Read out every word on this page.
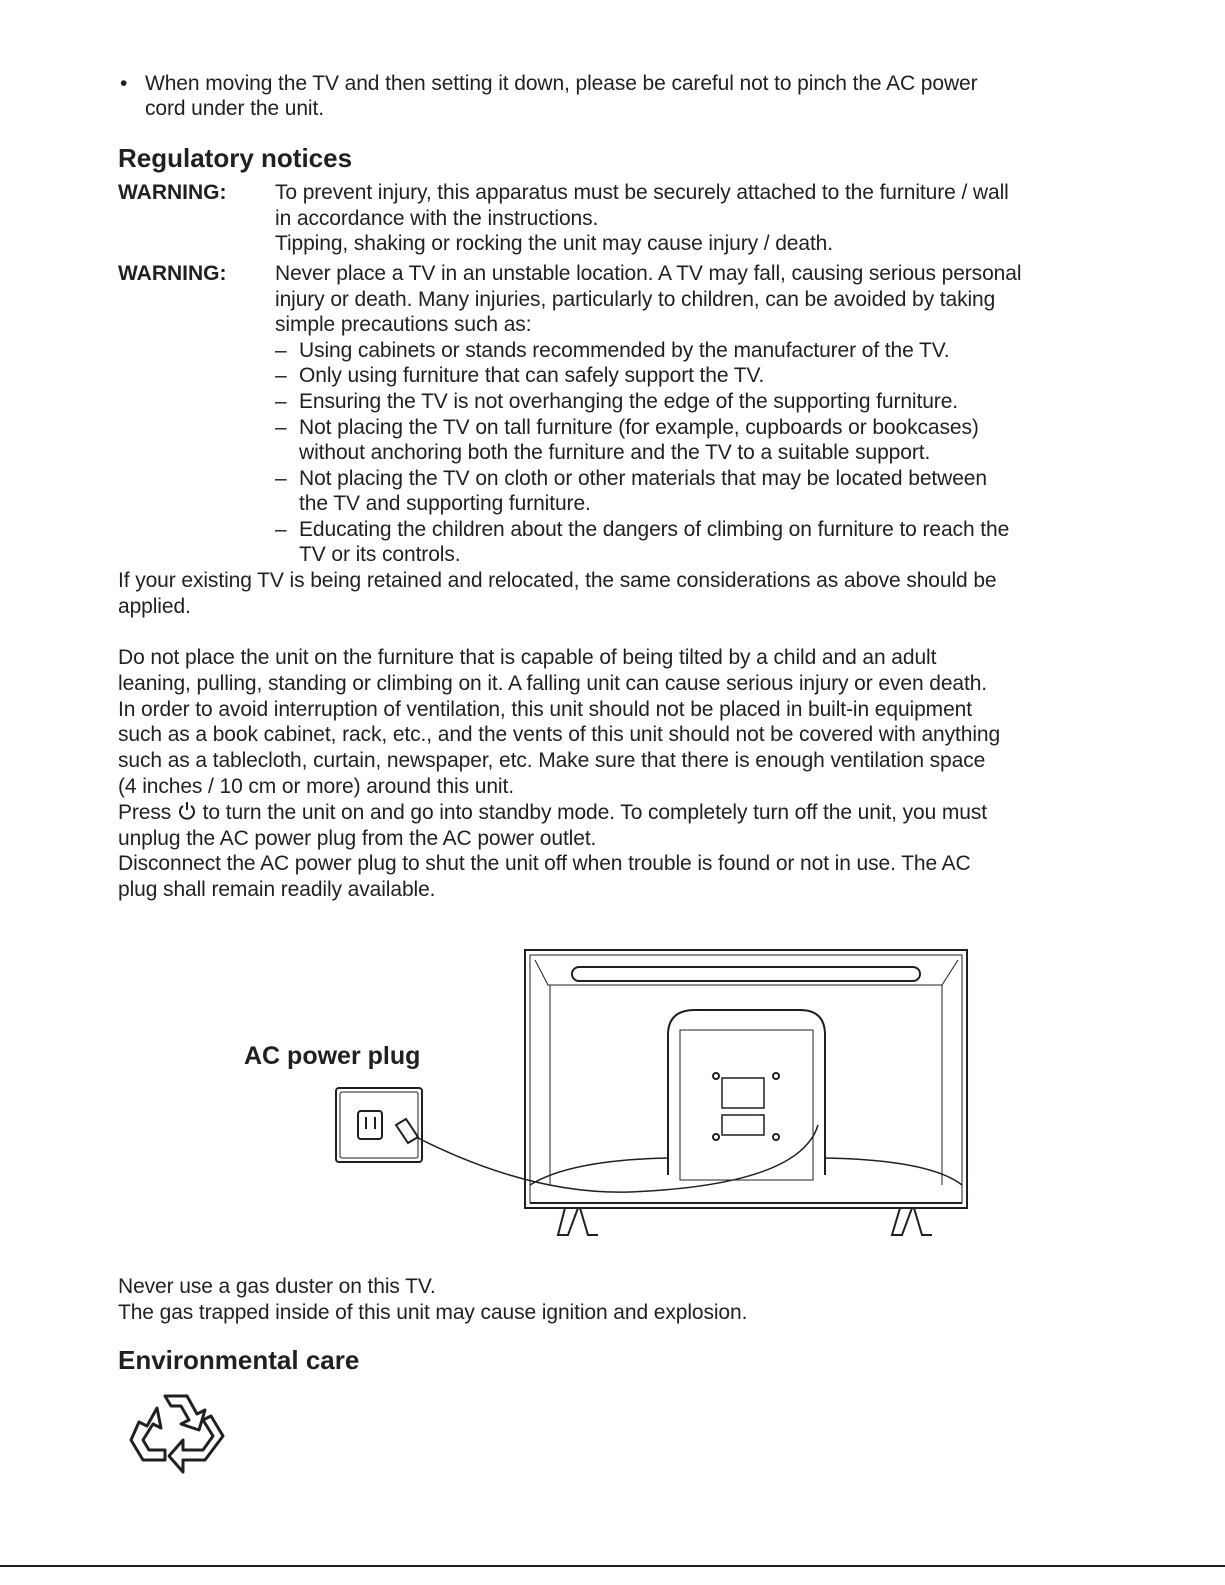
• When moving the TV and then setting it down, please be careful not to pinch the AC power
cord under the unit.
Regulatory notices
WARNING: To prevent injury, this apparatus must be securely attached to the furniture / wall
in accordance with the instructions.
Tipping, shaking or rocking the unit may cause injury / death.
WARNING: Never place a TV in an unstable location. A TV may fall, causing serious personal
injury or death. Many injuries, particularly to children, can be avoided by taking
simple precautions such as:
– Using cabinets or stands recommended by the manufacturer of the TV.
– Only using furniture that can safely support the TV.
– Ensuring the TV is not overhanging the edge of the supporting furniture.
– Not placing the TV on tall furniture (for example, cupboards or bookcases)
without anchoring both the furniture and the TV to a suitable support.
– Not placing the TV on cloth or other materials that may be located between
the TV and supporting furniture.
– Educating the children about the dangers of climbing on furniture to reach the
TV or its controls.
If your existing TV is being retained and relocated, the same considerations as above should be
applied.
Do not place the unit on the furniture that is capable of being tilted by a child and an adult
leaning, pulling, standing or climbing on it. A falling unit can cause serious injury or even death.
In order to avoid interruption of ventilation, this unit should not be placed in built-in equipment
such as a book cabinet, rack, etc., and the vents of this unit should not be covered with anything
such as a tablecloth, curtain, newspaper, etc. Make sure that there is enough ventilation space
(4 inches / 10 cm or more) around this unit.
Press  to turn the unit on and go into standby mode. To completely turn off the unit, you must
unplug the AC power plug from the AC power outlet.
Disconnect the AC power plug to shut the unit off when trouble is found or not in use. The AC
plug shall remain readily available.
AC power plug
Never use a gas duster on this TV.
The gas trapped inside of this unit may cause ignition and explosion.
Environmental care
